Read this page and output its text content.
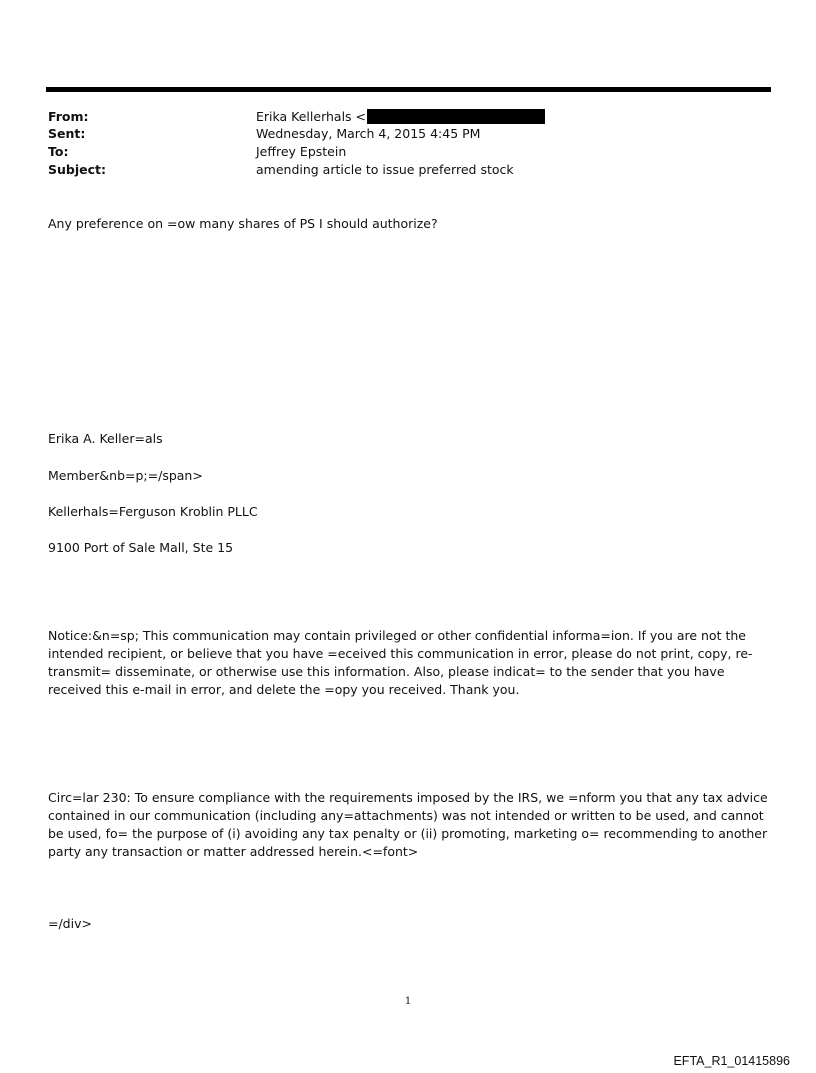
From:	Erika Kellerhals <
Sent:	Wednesday, March 4, 2015 4:45 PM
To:	Jeffrey Epstein
Subject:	amending article to issue preferred stock
Any preference on =ow many shares of PS I should authorize?
Erika A. Keller=als
Member&nb=p;=/span>
Kellerhals=Ferguson Kroblin PLLC
9100 Port of Sale Mall, Ste 15
Notice:&n=sp; This communication may contain privileged or other confidential informa=ion. If you are not the intended recipient, or believe that you have =eceived this communication in error, please do not print, copy, re-transmit= disseminate, or otherwise use this information. Also, please indicat= to the sender that you have received this e-mail in error, and delete the =opy you received. Thank you.
Circ=lar 230: To ensure compliance with the requirements imposed by the IRS, we =nform you that any tax advice contained in our communication (including any=attachments) was not intended or written to be used, and cannot be used, fo= the purpose of (i) avoiding any tax penalty or (ii) promoting, marketing o= recommending to another party any transaction or matter addressed herein.<=font>
=/div>
1
EFTA_R1_01415896
